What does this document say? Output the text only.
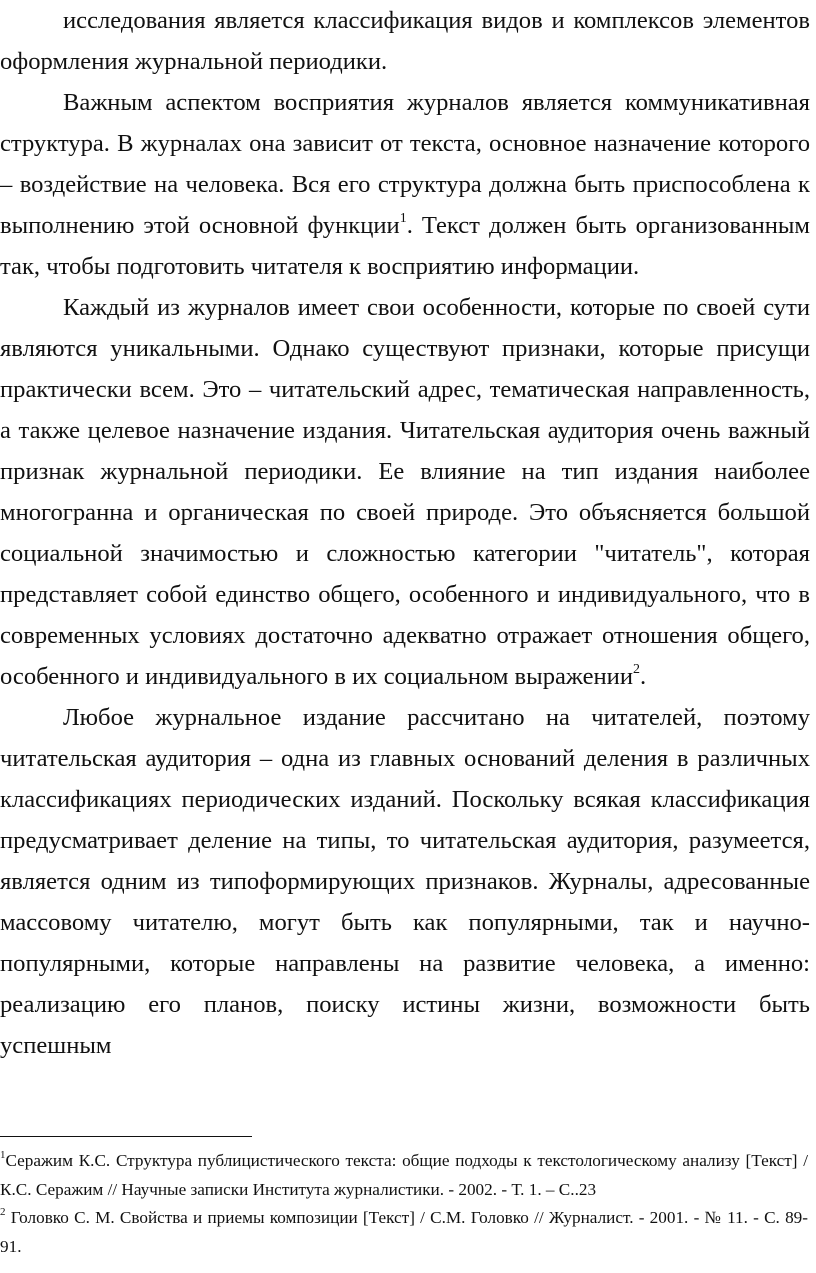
исследования является классификация видов и комплексов элементов

оформления журнальной периодики.

Важным аспектом восприятия журналов является коммуникативная структура. В журналах она зависит от текста, основное назначение которого – воздействие на человека. Вся его структура должна быть приспособлена к выполнению этой основной функции$^1$. Текст должен быть организованным так, чтобы подготовить читателя к восприятию информации.

Каждый из журналов имеет свои особенности, которые по своей сути являются уникальными. Однако существуют признаки, которые присущи практически всем. Это – читательский адрес, тематическая направленность, а также целевое назначение издания. Читательская аудитория очень важный признак журнальной периодики. Ее влияние на тип издания наиболее многогранна и органическая по своей природе. Это объясняется большой социальной значимостью и сложностью категории "читатель", которая представляет собой единство общего, особенного и индивидуального, что в современных условиях достаточно адекватно отражает отношения общего, особенного и индивидуального в их социальном выражении$^2$.

Любое журнальное издание рассчитано на читателей, поэтому читательская аудитория – одна из главных оснований деления в различных классификациях периодических изданий. Поскольку всякая классификация предусматривает деление на типы, то читательская аудитория, разумеется, является одним из типоформирующих признаков. Журналы, адресованные массовому читателю, могут быть как популярными, так и научно-популярными, которые направлены на развитие человека, а именно: реализацию его планов, поиску истины жизни, возможности быть успешным

$^1$Серажим К.С. Структура публицистического текста: общие подходы к текстологическому анализу [Текст] / К.С. Серажим // Научные записки Института журналистики. - 2002. - Т. 1. – С..23

$^2$ Головко С. М. Свойства и приемы композиции [Текст] / С.М. Головко // Журналист. - 2001. - № 11. - С. 89-91.
